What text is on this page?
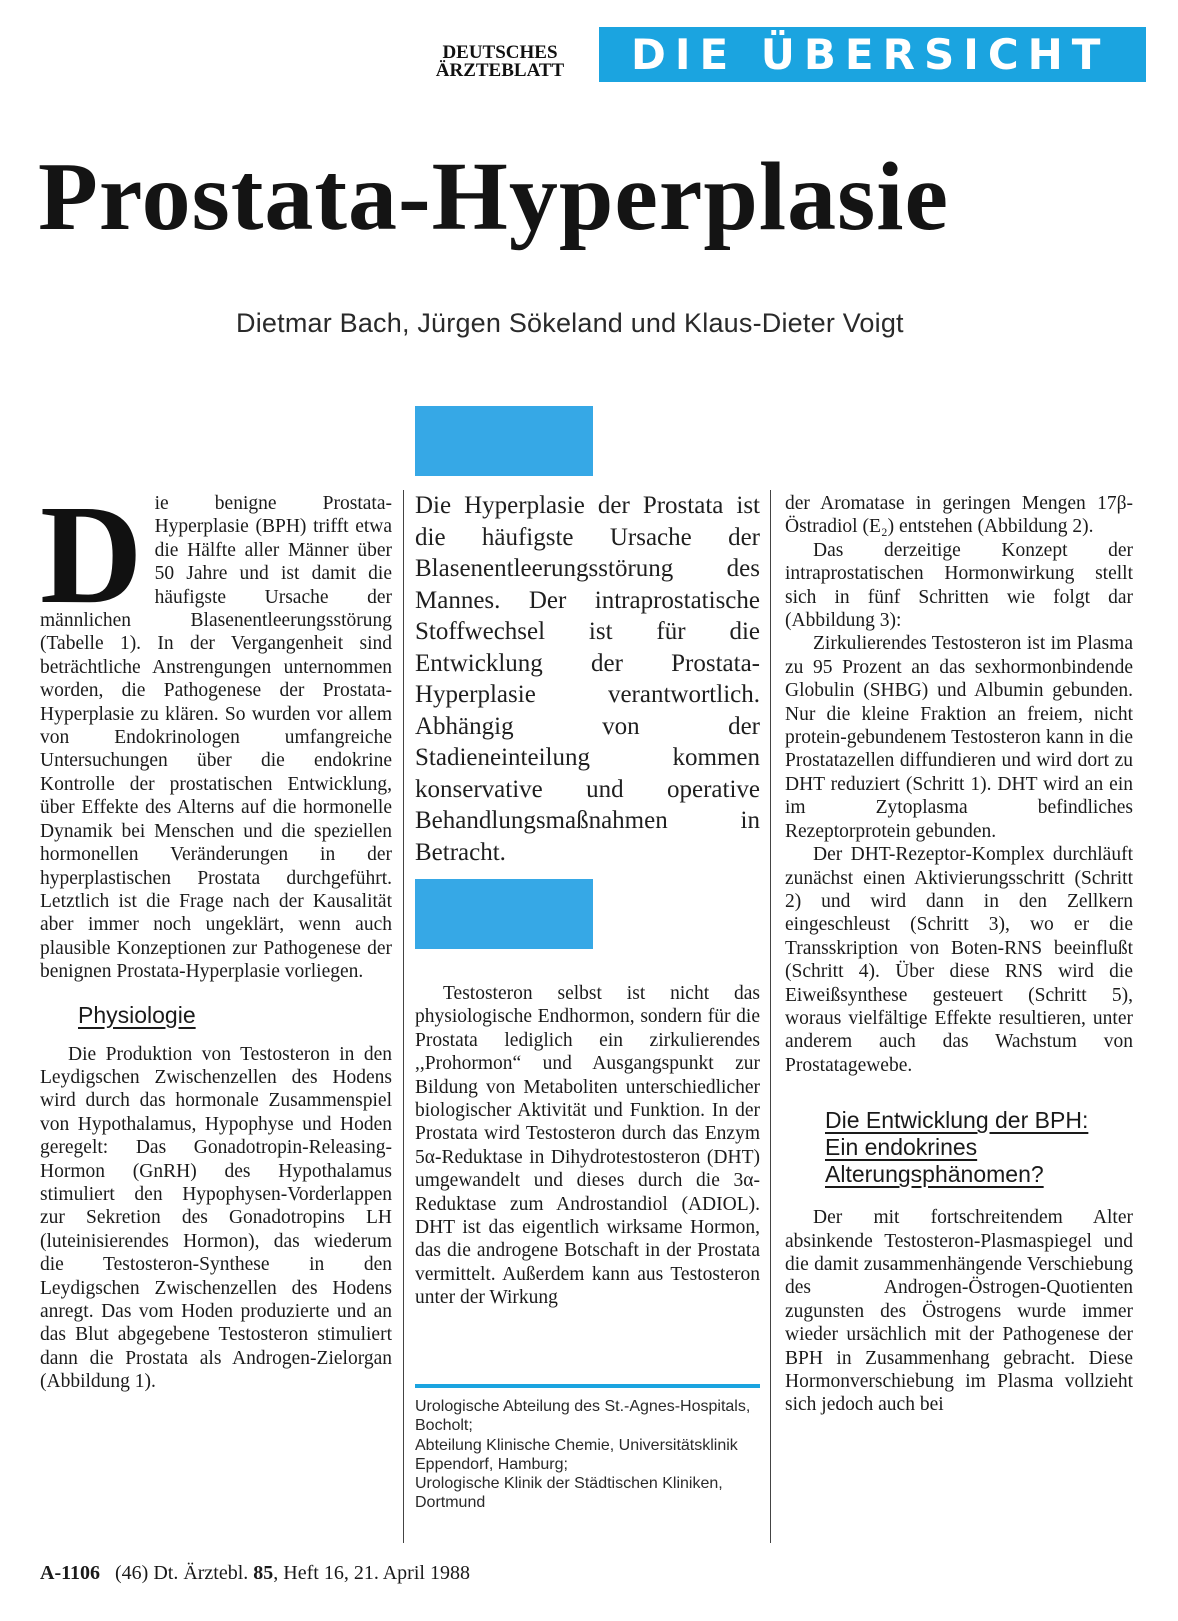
DEUTSCHES
ÄRZTEBLATT	DIE ÜBERSICHT
Prostata-Hyperplasie
Dietmar Bach, Jürgen Sökeland und Klaus-Dieter Voigt
D ie benigne Prostata-Hyperplasie (BPH) trifft etwa die Hälfte aller Männer über 50 Jahre und ist damit die häufigste Ursache der männlichen Blasenentleerungsstörung (Tabelle 1). In der Vergangenheit sind beträchtliche Anstrengungen unternommen worden, die Pathogenese der Prostata-Hyperplasie zu klären. So wurden vor allem von Endokrinologen umfangreiche Untersuchungen über die endokrine Kontrolle der prostatischen Entwicklung, über Effekte des Alterns auf die hormonelle Dynamik bei Menschen und die speziellen hormonellen Veränderungen in der hyperplastischen Prostata durchgeführt. Letztlich ist die Frage nach der Kausalität aber immer noch ungeklärt, wenn auch plausible Konzeptionen zur Pathogenese der benignen Prostata-Hyperplasie vorliegen.

Physiologie

Die Produktion von Testosteron in den Leydigschen Zwischenzellen des Hodens wird durch das hormonale Zusammenspiel von Hypothalamus, Hypophyse und Hoden geregelt: Das Gonadotropin-Releasing-Hormon (GnRH) des Hypothalamus stimuliert den Hypophysen-Vorderlappen zur Sekretion des Gonadotropins LH (luteinisierendes Hormon), das wiederum die Testosteron-Synthese in den Leydigschen Zwischenzellen des Hodens anregt. Das vom Hoden produzierte und an das Blut abgegebene Testosteron stimuliert dann die Prostata als Androgen-Zielorgan (Abbildung 1).

Die Hyperplasie der Prostata ist die häufigste Ursache der Blasenentleerungsstörung des Mannes. Der intraprostatische Stoffwechsel ist für die Entwicklung der Prostata-Hyperplasie verantwortlich. Abhängig von der Stadieneinteilung kommen konservative und operative Behandlungsmaßnahmen in Betracht.

Testosteron selbst ist nicht das physiologische Endhormon, sondern für die Prostata lediglich ein zirkulierendes ,,Prohormon“ und Ausgangspunkt zur Bildung von Metaboliten unterschiedlicher biologischer Aktivität und Funktion. In der Prostata wird Testosteron durch das Enzym 5α-Reduktase in Dihydrotestosteron (DHT) umgewandelt und dieses durch die 3α-Reduktase zum Androstandiol (ADIOL). DHT ist das eigentlich wirksame Hormon, das die androgene Botschaft in der Prostata vermittelt. Außerdem kann aus Testosteron unter der Wirkung

Urologische Abteilung des St.-Agnes-Hospitals, Bocholt;
Abteilung Klinische Chemie, Universitätsklinik
Eppendorf, Hamburg;
Urologische Klinik der Städtischen Kliniken, Dortmund

der Aromatase in geringen Mengen 17β-Östradiol (E₂) entstehen (Abbildung 2).

Das derzeitige Konzept der intraprostatischen Hormonwirkung stellt sich in fünf Schritten wie folgt dar (Abbildung 3):

Zirkulierendes Testosteron ist im Plasma zu 95 Prozent an das sexhormonbindende Globulin (SHBG) und Albumin gebunden. Nur die kleine Fraktion an freiem, nicht protein-gebundenem Testosteron kann in die Prostatazellen diffundieren und wird dort zu DHT reduziert (Schritt 1). DHT wird an ein im Zytoplasma befindliches Rezeptorprotein gebunden.

Der DHT-Rezeptor-Komplex durchläuft zunächst einen Aktivierungsschritt (Schritt 2) und wird dann in den Zellkern eingeschleust (Schritt 3), wo er die Transskription von Boten-RNS beeinflußt (Schritt 4). Über diese RNS wird die Eiweißsynthese gesteuert (Schritt 5), woraus vielfältige Effekte resultieren, unter anderem auch das Wachstum von Prostatagewebe.

Die Entwicklung der BPH:
Ein endokrines
Alterungsphänomen?

Der mit fortschreitendem Alter absinkende Testosteron-Plasmaspiegel und die damit zusammenhängende Verschiebung des Androgen-Östrogen-Quotienten zugunsten des Östrogens wurde immer wieder ursächlich mit der Pathogenese der BPH in Zusammenhang gebracht. Diese Hormonverschiebung im Plasma vollzieht sich jedoch auch bei

A-1106 (46) Dt. Ärztebl. 85, Heft 16, 21. April 1988
